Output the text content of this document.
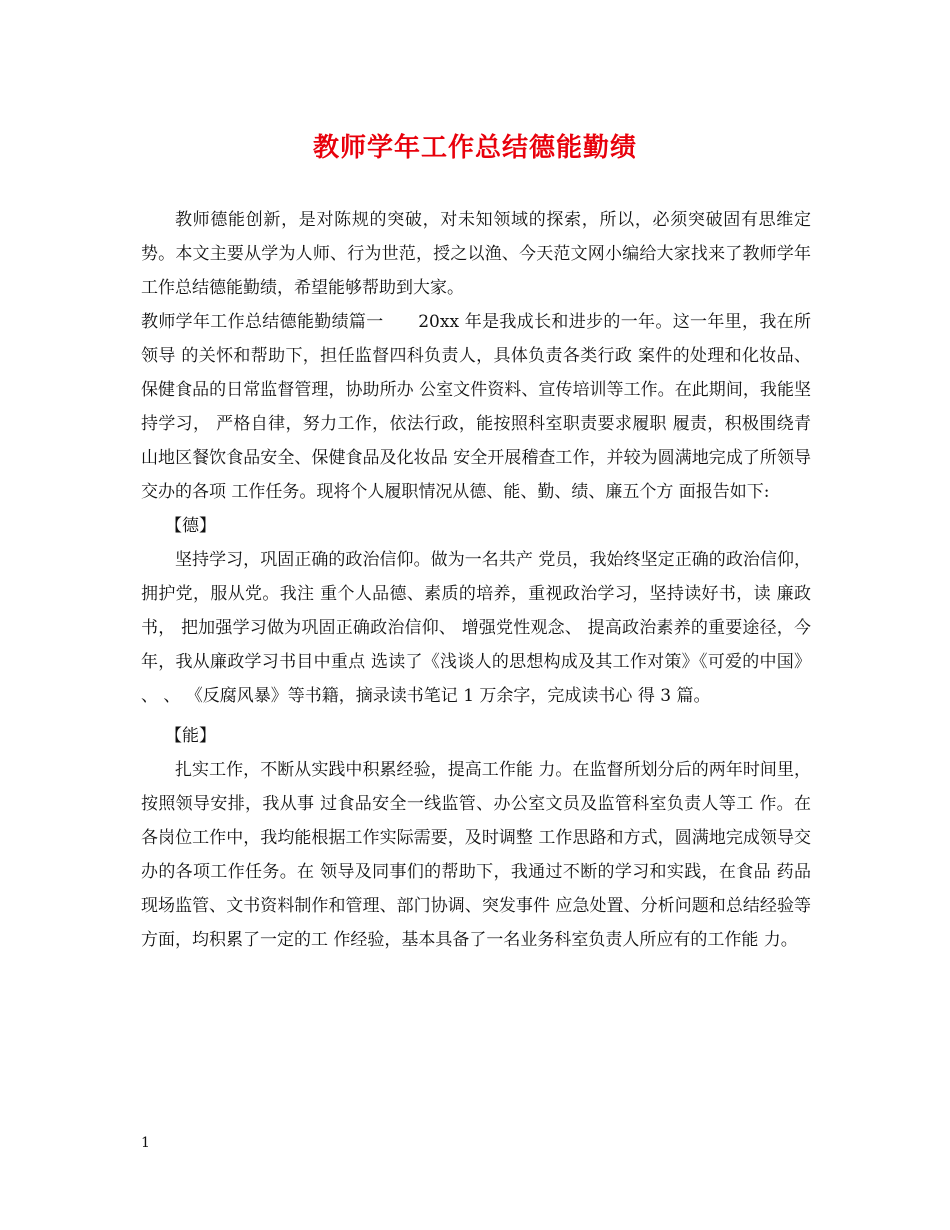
教师学年工作总结德能勤绩

教师德能创新，是对陈规的突破，对未知领域的探索，所以，必须突破固有思维定势。本文主要从学为人师、行为世范，授之以渔、今天范文网小编给大家找来了教师学年工作总结德能勤绩，希望能够帮助到大家。

教师学年工作总结德能勤绩篇一　　20xx 年是我成长和进步的一年。这一年里，我在所领导 的关怀和帮助下，担任监督四科负责人，具体负责各类行政 案件的处理和化妆品、保健食品的日常监督管理，协助所办 公室文件资料、宣传培训等工作。在此期间，我能坚持学习， 严格自律，努力工作，依法行政，能按照科室职责要求履职 履责，积极围绕青山地区餐饮食品安全、保健食品及化妆品 安全开展稽查工作，并较为圆满地完成了所领导交办的各项 工作任务。现将个人履职情况从德、能、勤、绩、廉五个方 面报告如下:

【德】

坚持学习，巩固正确的政治信仰。做为一名共产 党员，我始终坚定正确的政治信仰，拥护党，服从党。我注 重个人品德、素质的培养，重视政治学习，坚持读好书，读 廉政书， 把加强学习做为巩固正确政治信仰、 增强党性观念、 提高政治素养的重要途径，今年，我从廉政学习书目中重点 选读了《浅谈人的思想构成及其工作对策》《可爱的中国》 、 、 《反腐风暴》等书籍，摘录读书笔记 1 万余字，完成读书心 得 3 篇。

【能】

扎实工作，不断从实践中积累经验，提高工作能 力。在监督所划分后的两年时间里，按照领导安排，我从事 过食品安全一线监管、办公室文员及监管科室负责人等工 作。在各岗位工作中，我均能根据工作实际需要，及时调整 工作思路和方式，圆满地完成领导交办的各项工作任务。在 领导及同事们的帮助下，我通过不断的学习和实践，在食品 药品现场监管、文书资料制作和管理、部门协调、突发事件 应急处置、分析问题和总结经验等方面，均积累了一定的工 作经验，基本具备了一名业务科室负责人所应有的工作能 力。

1
